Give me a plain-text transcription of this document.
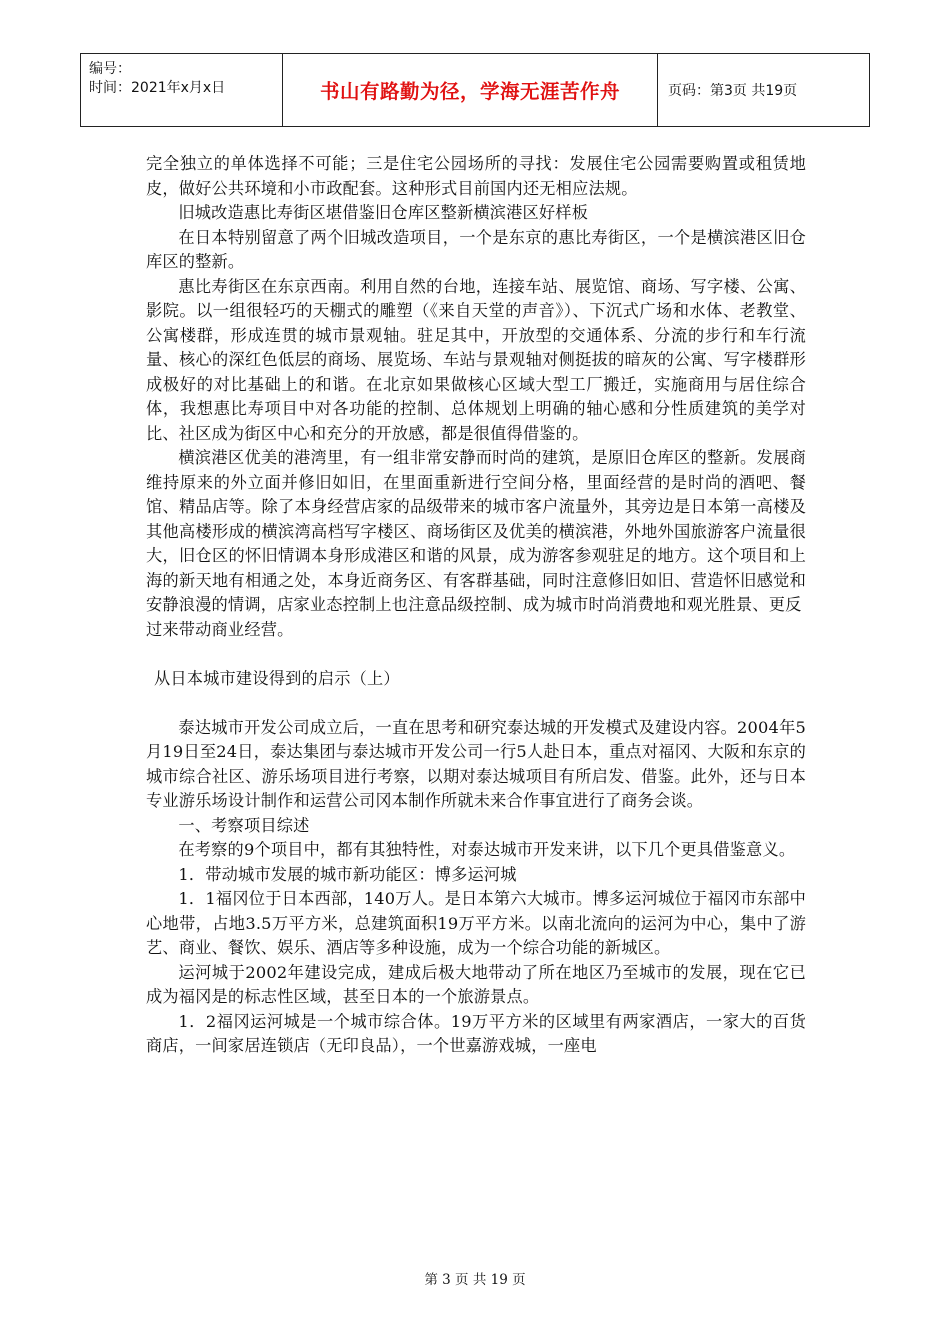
编号：
时间：2021年x月x日	书山有路勤为径，学海无涯苦作舟	页码：第3页 共19页

完全独立的单体选择不可能；三是住宅公园场所的寻找：发展住宅公园需要购置或租赁地皮，做好公共环境和小市政配套。这种形式目前国内还无相应法规。

旧城改造惠比寿街区堪借鉴旧仓库区整新横滨港区好样板

在日本特别留意了两个旧城改造项目，一个是东京的惠比寿街区，一个是横滨港区旧仓库区的整新。

惠比寿街区在东京西南。利用自然的台地，连接车站、展览馆、商场、写字楼、公寓、影院。以一组很轻巧的天棚式的雕塑（《来自天堂的声音》）、下沉式广场和水体、老教堂、公寓楼群，形成连贯的城市景观轴。驻足其中，开放型的交通体系、分流的步行和车行流量、核心的深红色低层的商场、展览场、车站与景观轴对侧挺拔的暗灰的公寓、写字楼群形成极好的对比基础上的和谐。在北京如果做核心区域大型工厂搬迁，实施商用与居住综合体，我想惠比寿项目中对各功能的控制、总体规划上明确的轴心感和分性质建筑的美学对比、社区成为街区中心和充分的开放感，都是很值得借鉴的。

横滨港区优美的港湾里，有一组非常安静而时尚的建筑，是原旧仓库区的整新。发展商维持原来的外立面并修旧如旧，在里面重新进行空间分格，里面经营的是时尚的酒吧、餐馆、精品店等。除了本身经营店家的品级带来的城市客户流量外，其旁边是日本第一高楼及其他高楼形成的横滨湾高档写字楼区、商场街区及优美的横滨港，外地外国旅游客户流量很大，旧仓区的怀旧情调本身形成港区和谐的风景，成为游客参观驻足的地方。这个项目和上海的新天地有相通之处，本身近商务区、有客群基础，同时注意修旧如旧、营造怀旧感觉和安静浪漫的情调，店家业态控制上也注意品级控制、成为城市时尚消费地和观光胜景、更反

过来带动商业经营。

从日本城市建设得到的启示（上）

泰达城市开发公司成立后，一直在思考和研究泰达城的开发模式及建设内容。2004年5月19日至24日，泰达集团与泰达城市开发公司一行5人赴日本，重点对福冈、大阪和东京的城市综合社区、游乐场项目进行考察，以期对泰达城项目有所启发、借鉴。此外，还与日本专业游乐场设计制作和运营公司冈本制作所就未来合作事宜进行了商务会谈。

一、考察项目综述

在考察的9个项目中，都有其独特性，对泰达城市开发来讲，以下几个更具借鉴意义。

1．带动城市发展的城市新功能区：博多运河城

1．1福冈位于日本西部，140万人。是日本第六大城市。博多运河城位于福冈市东部中心地带，占地3.5万平方米，总建筑面积19万平方米。以南北流向的运河为中心，集中了游艺、商业、餐饮、娱乐、酒店等多种设施，成为一个综合功能的新城区。

运河城于2002年建设完成，建成后极大地带动了所在地区乃至城市的发展，现在它已成为福冈是的标志性区域，甚至日本的一个旅游景点。

1．2福冈运河城是一个城市综合体。19万平方米的区域里有两家酒店，一家大的百货商店，一间家居连锁店（无印良品），一个世嘉游戏城，一座电

第 3 页 共 19 页
